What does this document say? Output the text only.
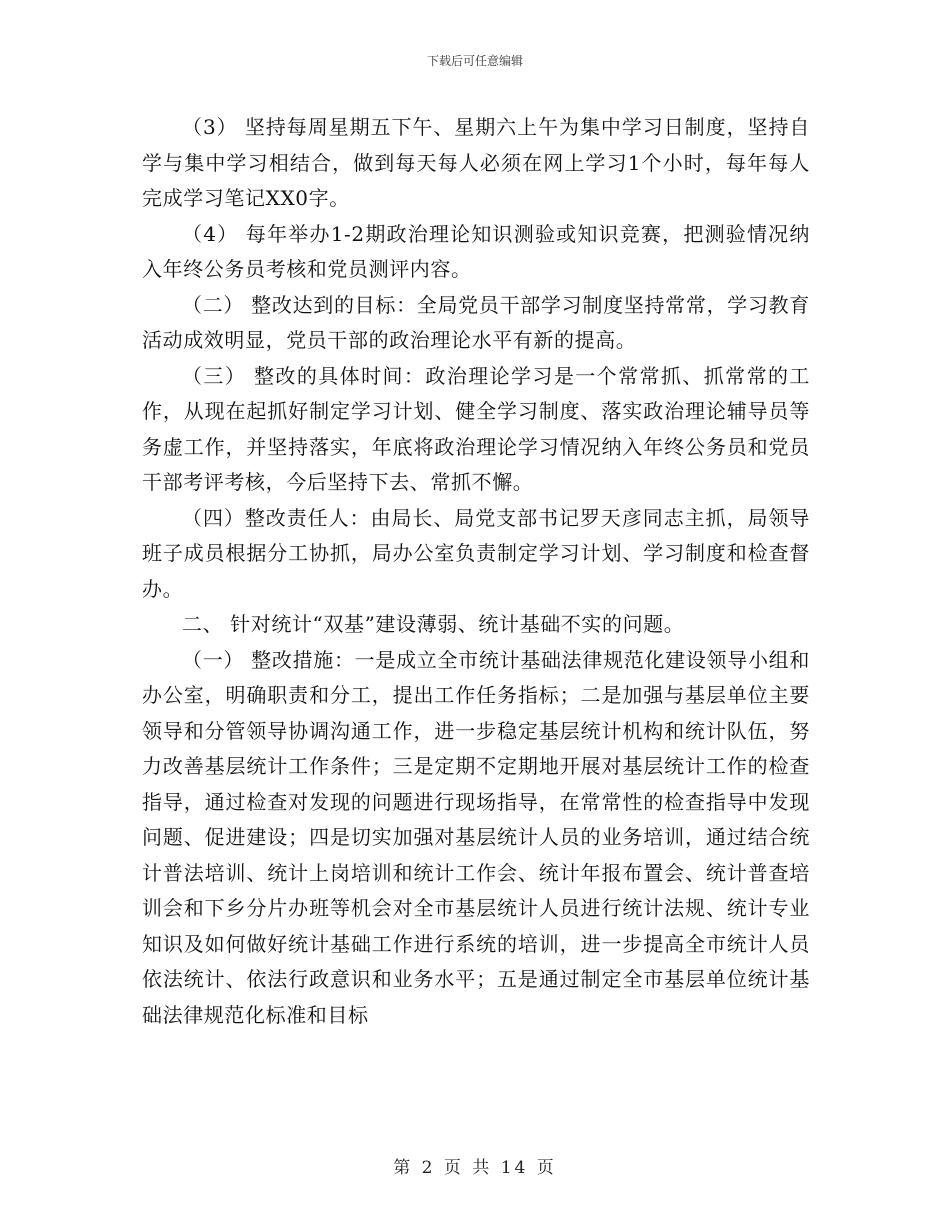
下载后可任意编辑

（3） 坚持每周星期五下午、星期六上午为集中学习日制度，坚持自学与集中学习相结合，做到每天每人必须在网上学习1个小时，每年每人完成学习笔记XX0字。

（4） 每年举办1-2期政治理论知识测验或知识竞赛，把测验情况纳入年终公务员考核和党员测评内容。

（二） 整改达到的目标：全局党员干部学习制度坚持常常，学习教育活动成效明显，党员干部的政治理论水平有新的提高。

（三） 整改的具体时间：政治理论学习是一个常常抓、抓常常的工作，从现在起抓好制定学习计划、健全学习制度、落实政治理论辅导员等务虚工作，并坚持落实，年底将政治理论学习情况纳入年终公务员和党员干部考评考核，今后坚持下去、常抓不懈。

（四）整改责任人：由局长、局党支部书记罗天彦同志主抓，局领导班子成员根据分工协抓，局办公室负责制定学习计划、学习制度和检查督办。

二、 针对统计“双基”建设薄弱、统计基础不实的问题。

（一） 整改措施：一是成立全市统计基础法律规范化建设领导小组和办公室，明确职责和分工，提出工作任务指标；二是加强与基层单位主要领导和分管领导协调沟通工作，进一步稳定基层统计机构和统计队伍，努力改善基层统计工作条件；三是定期不定期地开展对基层统计工作的检查指导，通过检查对发现的问题进行现场指导，在常常性的检查指导中发现问题、促进建设；四是切实加强对基层统计人员的业务培训，通过结合统计普法培训、统计上岗培训和统计工作会、统计年报布置会、统计普查培训会和下乡分片办班等机会对全市基层统计人员进行统计法规、统计专业知识及如何做好统计基础工作进行系统的培训，进一步提高全市统计人员依法统计、依法行政意识和业务水平；五是通过制定全市基层单位统计基础法律规范化标准和目标

第 2 页 共 14 页
